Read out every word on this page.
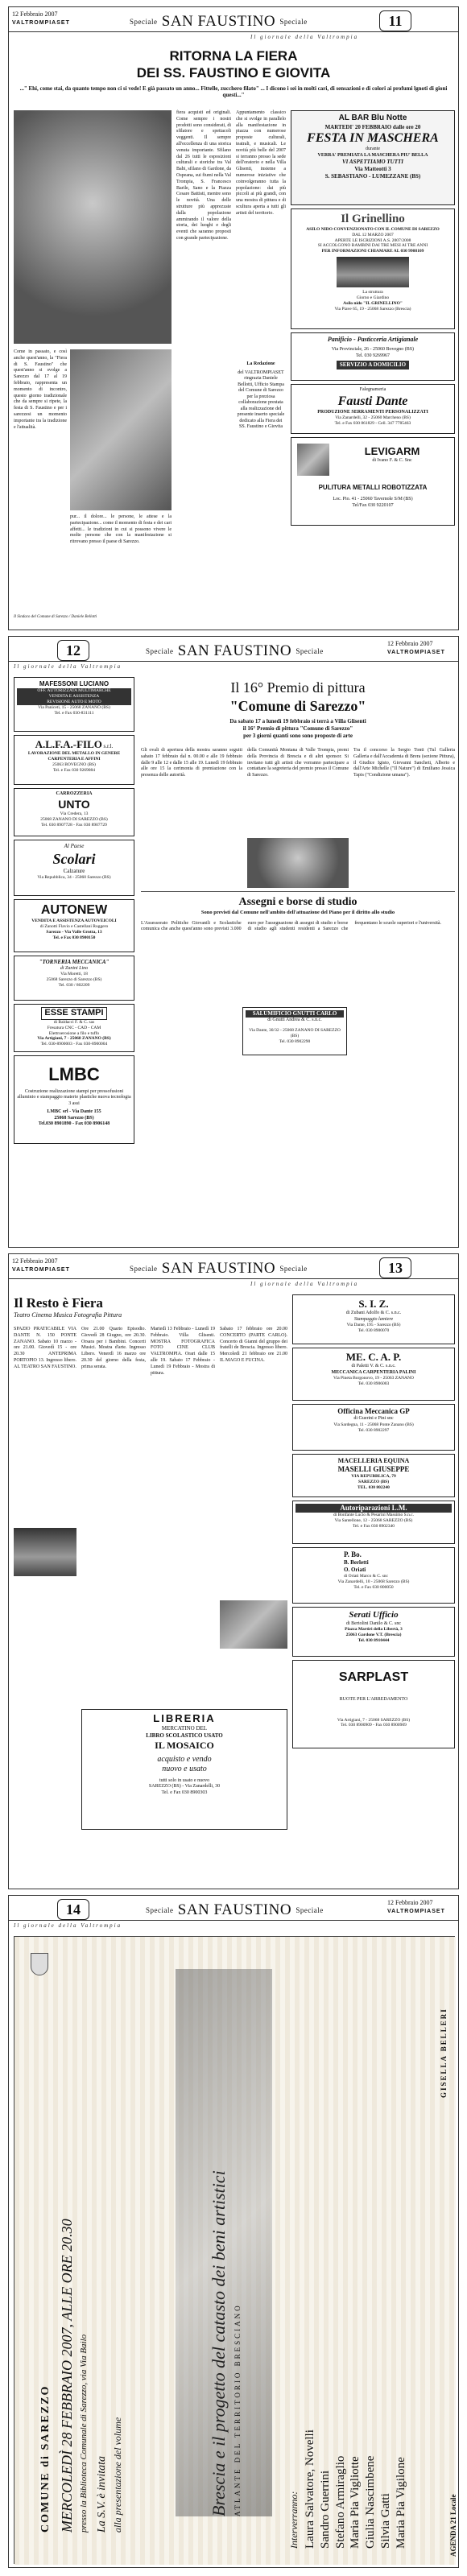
12 Febbraio 2007
VALTROMPIASET	Speciale SAN FAUSTINO Speciale	11
Il giornale della Valtrompia
RITORNA LA FIERA
DEI SS. FAUSTINO E GIOVITA
..." Ehi, come stai, da quanto tempo non ci si vede! E già passato un anno... Fittelle, zucchero filato" ... I dicono i sei in molti cari, di sensazioni e di colori ai profumi lgnoti di gioni questi..."
Come in passato, e così anche quest'anno, la "Fiera di S. Faustino" che quest'anno si svolge a Sarezzo dal 17 al 19 febbraio, rappresenta un momento di incontro, questo giorno tradizionale che da sempre si ripete, la festa di S. Faustino e per i sarezzesi un momento importante tra la tradizione e l'attualità.
pur... il dolore... le persone, le attese e la partecipazione... come il momento di festa e dei cari affetti... le tradizioni in cui si possono vivere le molte persone che con la manifestazione si ritrovano presso il paese di Sarezzo.
Il Sindaco del Comune di Sarezzo / Daniele Bellotti
fiera acquisti ed originali. Come sempre i nostri prodotti sono considerati, di sfilatore e spettacoli veggenti. Il sempre all'eccellenza di una storica venuta importante. Sfilano dal 26 tutti le esposizioni culturali e storiche tra Val Babi, sfilano di Gardone, da Ospeana, sui fiumi nella Val Trompia, S. Francesco Barile, Sano e la Piazza Cesare Battisti, mentre sono le novità. Una delle strutture più apprezzate dalla popolazione ammirando il valore della storia, dei luoghi e degli eventi che saranno proposti con grande partecipazione.
Appuntamento classico che si svolge in parallelo alla manifestazione in piazza con numerose proposte culturali, teatrali, e musicali. Le novità più belle del 2007 si terranno presso la sede dell'oratorio e nella Villa Glisenti, insieme a numerose iniziative che coinvolgeranno tutta la popolazione: dai più piccoli ai più grandi, con una mostra di pittura e di scultura aperta a tutti gli artisti del territorio.
La Redazione
del VALTROMPIASET ringrazia Daniele Bellotti, Ufficio Stampa del Comune di Sarezzo per la preziosa collaborazione prestata alla realizzazione del presente inserto speciale dedicato alla Fiera dei SS. Faustino e Giovita
AL BAR Blu Notte
MARTEDI' 20 FEBBRAIO dalle ore 20
FESTA IN MASCHERA
durante
VERRA' PREMIATA LA MASCHERA PIU' BELLA
VI ASPETTIAMO TUTTI
Via Matteotti 3
S. SEBASTIANO - LUMEZZANE (BS)
Il Grinellino
ASILO NIDO CONVENZIONATO CON IL COMUNE DI SAREZZO
DAL 12 MARZO 2007
APERTE LE ISCRIZIONI A.S. 2007/2008
SI ACCOLGONO BAMBINI DAI TRE MESI AI TRE ANNI
PER INFORMAZIONI CHIAMARE AL 030 9908109
La struttura
Giorno e Giardino
Asilo nido "IL GRINELLINO"
Via Piave 65, 19 - 25068 Sarezzo (Brescia)
Panificio - Pasticceria Artigianale
Via Provinciale, 26 - 25060 Bovegno (BS)
Tel. 030 9269967
SERVIZIO A DOMICILIO
Falegnameria
Fausti Dante
PRODUZIONE SERRAMENTI PERSONALIZZATI
Via Zanardelli, 32 - 25060 Marcheno (BS)
Tel. e Fax 030 861829 - Cell. 347 7785463
LEVIGARM
di Ivano F. & C. Snc
PULITURA METALLI ROBOTIZZATA
Loc. Pio. 41 - 25060 Tavernole S/M (BS)
Tel/Fax 030 9220107
12	Speciale SAN FAUSTINO Speciale
12 Febbraio 2007
VALTROMPIASET
Il giornale della Valtrompia
MAFESSONI LUCIANO
OFF. AUTORIZZATA MULTIMARCHE
VENDITA E ASSISTENZA
REVISIONE AUTO E MOTO
Via Paniceti, 15 - 25068 ZANANO (BS)
Tel. e Fax 030-831111
A.L.F.A.-FILO s.r.l.
LAVORAZIONE DEL METALLO IN GENERE
CARPENTERIA E AFFINI
25063 BOVEGNO (BS)
Tel. e Fax 030 9269084
CARROZZERIA
UNTO
Via Credera, 13
25068 ZANANO DI SAREZZO (BS)
Tel. 030 8907728 - Fax 030 8907729
Al Paese
Scolari
Calzature
Via Repubblica, 34 - 25060 Sarezzo (BS)
AUTONEW
VENDITA E ASSISTENZA AUTOVEICOLI
di Zanotti Flavio e Castellani Ruggero
Sarezzo - Via Valle Grotta, 13
Tel. e Fax 030 8900150
"TORNERIA MECCANICA"
di Zanini Lino
Via Moretti, 18
25068 Sarezzo di Sarezzo (BS)
Tel. 030 / 802209
ESSE STAMPI
di Baldacci F. & C. sas
Fresatura CNC - CAD - CAM
Elettroerosione a filo e tuffo
Via Artigiani, 7 - 25068 ZANANO (BS)
Tel. 030-8900003 - Fax 030-8900004
LMBC
Costruzione realizzazione stampi per pressofusioni alluminio e stampaggio materie plastiche nuova tecnologia 3 assi
LMBC srl - Via Dante 155
25068 Sarezzo (BS)
Tel.030 8901890 - Fax 030 8906148
Il 16° Premio di pittura
"Comune di Sarezzo"
Da sabato 17 a lunedì 19 febbraio si terrà a Villa Glisenti
il 16° Premio di pittura "Comune di Sarezzo"
per 3 giorni quanti sono sono proposte di arte
Gli ovali di apertura della mostra saranno seguiti sabato 17 febbraio dal n. 00.00 e alle 19 febbraio dalle 9 alle 12 e dalle 15 alle 19. Lunedì 19 febbraio alle ore 15 la cerimonia di premiazione con la presenza delle autorità.
della Comunità Montana di Valle Trompia, premi della Provincia di Brescia e di altri sponsor. Si invitano tutti gli artisti che vorranno partecipare a contattare la segreteria del premio presso il Comune di Sarezzo.
Tra il concorso la Sergio Tonti (Tul Galleria Galleria e dall'Accademia di Brera (sezione Pittura), il Giudice Igisto, Giovanni Sancheti, Alberto e dall'Arte Michelle ("Il Nature") di Emiliano Jessica Tapis ("Condizione umana").
Assegni e borse di studio
Sono previsti dal Comune nell'ambito dell'attuazione del Piano per il diritto allo studio
L'Assessorato Politiche Giovanili e Scolastiche comunica che anche quest'anno sono previsti 3.000 euro per l'assegnazione di assegni di studio e borse di studio agli studenti residenti a Sarezzo che frequentano le scuole superiori e l'università.
SALUMIFICIO GNUTTI CARLO
di Gnutti Andrea & C. s.n.c.
Via Dante, 30/32 - 25068 ZANANO DI SAREZZO (BS)
Tel. 030 8902290
12 Febbraio 2007
VALTROMPIASET	Speciale SAN FAUSTINO Speciale	13
Il giornale della Valtrompia
Il Resto è Fiera
Teatro Cinema Musica Fotografia Pittura
SPAZIO PRATICABILE VIA DANTE N. 150 PONTE ZANANO. Sabato 10 marzo - ore 21.00. Giovedì 15 - ore 20.30 ANTEPRIMA PORTOPIO 13. Ingresso libero. AL TEATRO SAN FAUSTINO.
Ore 21.00 Quarto Episodio. Giovedì 28 Giugno, ore 20.30. Orsara per i Bambini. Concerti Musici. Mostra d'arte. Ingresso Libero. Venerdì 16 marzo ore 20.30 del giorno della festa, prima serata.
Martedì 13 Febbraio - Lunedì 19 Febbraio. Villa Glisenti. MOSTRA FOTOGRAFICA FOTO CINE CLUB VALTROMPIA. Orari dalle 15 alle 19. Sabato 17 Febbraio - Lunedì 19 Febbraio - Mostra di pittura.
Sabato 17 febbraio ore 20.00 CONCERTO (PARTE CARLO). Concerto di Gianni del gruppo dei fratelli de Brescia. Ingresso libero. Mercoledì 21 febbraio ore 21.00 IL MAGO E FUCINA.
LIBRERIA
MERCATINO DEL
LIBRO SCOLASTICO USATO
IL MOSAICO
acquisto e vendo
nuovo e usato
tutti solo in usato e nuovo
SAREZZO (BS) - Via Zanardelli, 30
Tel. e Fax 030 8900303
S. I. Z.
di Zubani Adolfo & C. s.n.c.
Stampaggio lamiere
Via Dante, 195 - Sarezzo (BS)
Tel. 030 8900070
ME. C. A. P.
di Paletti V. & C. s.n.c.
MECCANICA CARPENTERIA PALINI
Via Pineta Borgonovo, 19 - 25063 ZANANO
Tel. 030 8906003
Officina Meccanica GP
di Guerini e Pini snc
Via Sardegna, 11 - 25068 Ponte Zanano (BS)
Tel. 030 8902297
MACELLERIA EQUINA
MASELLI GIUSEPPE
VIA REPUBBLICA, 79
SAREZZO (BS)
TEL. 030 802240
Autoriparazioni L.M.
di Bonfante Lucio & Pesarini Massimo S.n.c.
Via Santellone, 12 - 25068 SAREZZO (BS)
Tel. e Fax 030 8902340
P. Bo.
B. Berletti
O. Oriati
di Oriati Marco & C. snc
Via Zanardelli, 10 - 25068 Sarezzo (BS)
Tel. e Fax 030 800050
Serati Ufficio
di Bertolini Danilo & C. snc
Piazza Martiri della Libertà, 3
25063 Gardone V.T. (Brescia)
Tel. 030 8910444
SARPLAST
RUOTE PER L'ARREDAMENTO
Via Artigiani, 7 - 25068 SAREZZO (BS)
Tel. 030 8900909 - Fax 030 8900909
14	Speciale SAN FAUSTINO Speciale
12 Febbraio 2007
VALTROMPIASET
Il giornale della Valtrompia
COMUNE di SAREZZO MERCOLEDÌ 28 FEBBRAIO 2007, ALLE ORE 20.30 presso la Biblioteca Comunale di Sarezzo, via Via Bailo La S.V. è invitata alla presentazione del volume	Brescia e il progetto del catasto dei beni artistici ATLANTE DEL TERRITORIO BRESCIANO
Interverranno: Laura Salvatore, Novelli Sandro Guerrini Stefano Armiraglio Maria Pia Vigliotte Giulia Nascimbene Silvia Gatti Maria Pia Vigilone
GISELLA BELLERI
AGENDA 21 Locale
